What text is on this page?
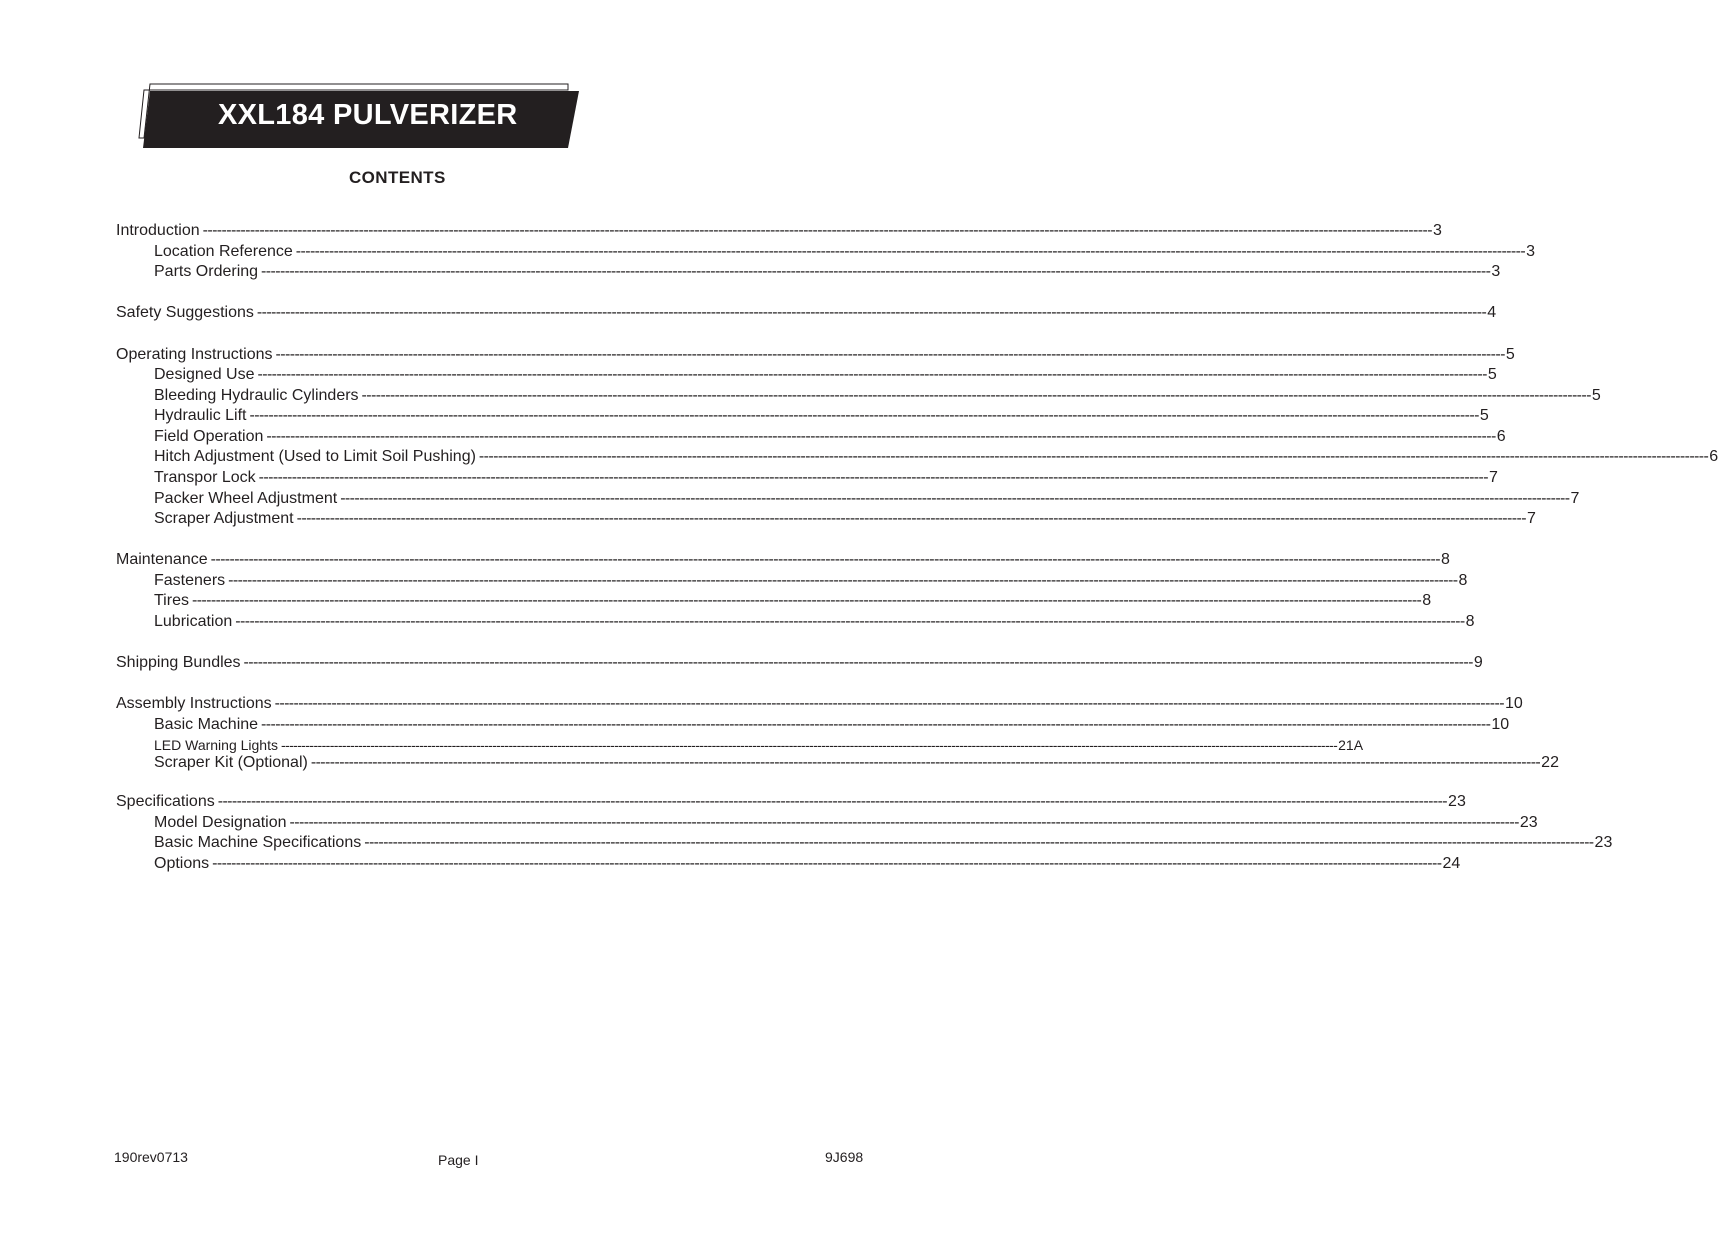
XXL184 PULVERIZER
CONTENTS
Introduction -------------------------------------------------------------------------------------------------------------------------------------------------------------------------------------------------------------------------------------------------------------------- 3
Location Reference -------------------------------------------------------------------------------------------------------------------------------------------------------------------------------------------------------------------------------------------------------------------- 3
Parts Ordering -------------------------------------------------------------------------------------------------------------------------------------------------------------------------------------------------------------------------------------------------------------------- 3
Safety Suggestions -------------------------------------------------------------------------------------------------------------------------------------------------------------------------------------------------------------------------------------------------------------------- 4
Operating Instructions -------------------------------------------------------------------------------------------------------------------------------------------------------------------------------------------------------------------------------------------------------------------- 5
Designed Use -------------------------------------------------------------------------------------------------------------------------------------------------------------------------------------------------------------------------------------------------------------------- 5
Bleeding Hydraulic Cylinders -------------------------------------------------------------------------------------------------------------------------------------------------------------------------------------------------------------------------------------------------------------------- 5
Hydraulic Lift -------------------------------------------------------------------------------------------------------------------------------------------------------------------------------------------------------------------------------------------------------------------- 5
Field Operation -------------------------------------------------------------------------------------------------------------------------------------------------------------------------------------------------------------------------------------------------------------------- 6
Hitch Adjustment (Used to Limit Soil Pushing) -------------------------------------------------------------------------------------------------------------------------------------------------------------------------------------------------------------------------------------------------------------------- 6
Transpor Lock -------------------------------------------------------------------------------------------------------------------------------------------------------------------------------------------------------------------------------------------------------------------- 7
Packer Wheel Adjustment -------------------------------------------------------------------------------------------------------------------------------------------------------------------------------------------------------------------------------------------------------------------- 7
Scraper Adjustment -------------------------------------------------------------------------------------------------------------------------------------------------------------------------------------------------------------------------------------------------------------------- 7
Maintenance -------------------------------------------------------------------------------------------------------------------------------------------------------------------------------------------------------------------------------------------------------------------- 8
Fasteners -------------------------------------------------------------------------------------------------------------------------------------------------------------------------------------------------------------------------------------------------------------------- 8
Tires -------------------------------------------------------------------------------------------------------------------------------------------------------------------------------------------------------------------------------------------------------------------- 8
Lubrication -------------------------------------------------------------------------------------------------------------------------------------------------------------------------------------------------------------------------------------------------------------------- 8
Shipping Bundles -------------------------------------------------------------------------------------------------------------------------------------------------------------------------------------------------------------------------------------------------------------------- 9
Assembly Instructions -------------------------------------------------------------------------------------------------------------------------------------------------------------------------------------------------------------------------------------------------------------------- 10
Basic Machine -------------------------------------------------------------------------------------------------------------------------------------------------------------------------------------------------------------------------------------------------------------------- 10
LED Warning Lights -------------------------------------------------------------------------------------------------------------------------------------------------------------------------------------------------------------------------------------------------------------------- 21A
Scraper Kit (Optional) -------------------------------------------------------------------------------------------------------------------------------------------------------------------------------------------------------------------------------------------------------------------- 22
Specifications -------------------------------------------------------------------------------------------------------------------------------------------------------------------------------------------------------------------------------------------------------------------- 23
Model Designation -------------------------------------------------------------------------------------------------------------------------------------------------------------------------------------------------------------------------------------------------------------------- 23
Basic Machine Specifications -------------------------------------------------------------------------------------------------------------------------------------------------------------------------------------------------------------------------------------------------------------------- 23
Options -------------------------------------------------------------------------------------------------------------------------------------------------------------------------------------------------------------------------------------------------------------------- 24
190rev0713	Page I	9J698
